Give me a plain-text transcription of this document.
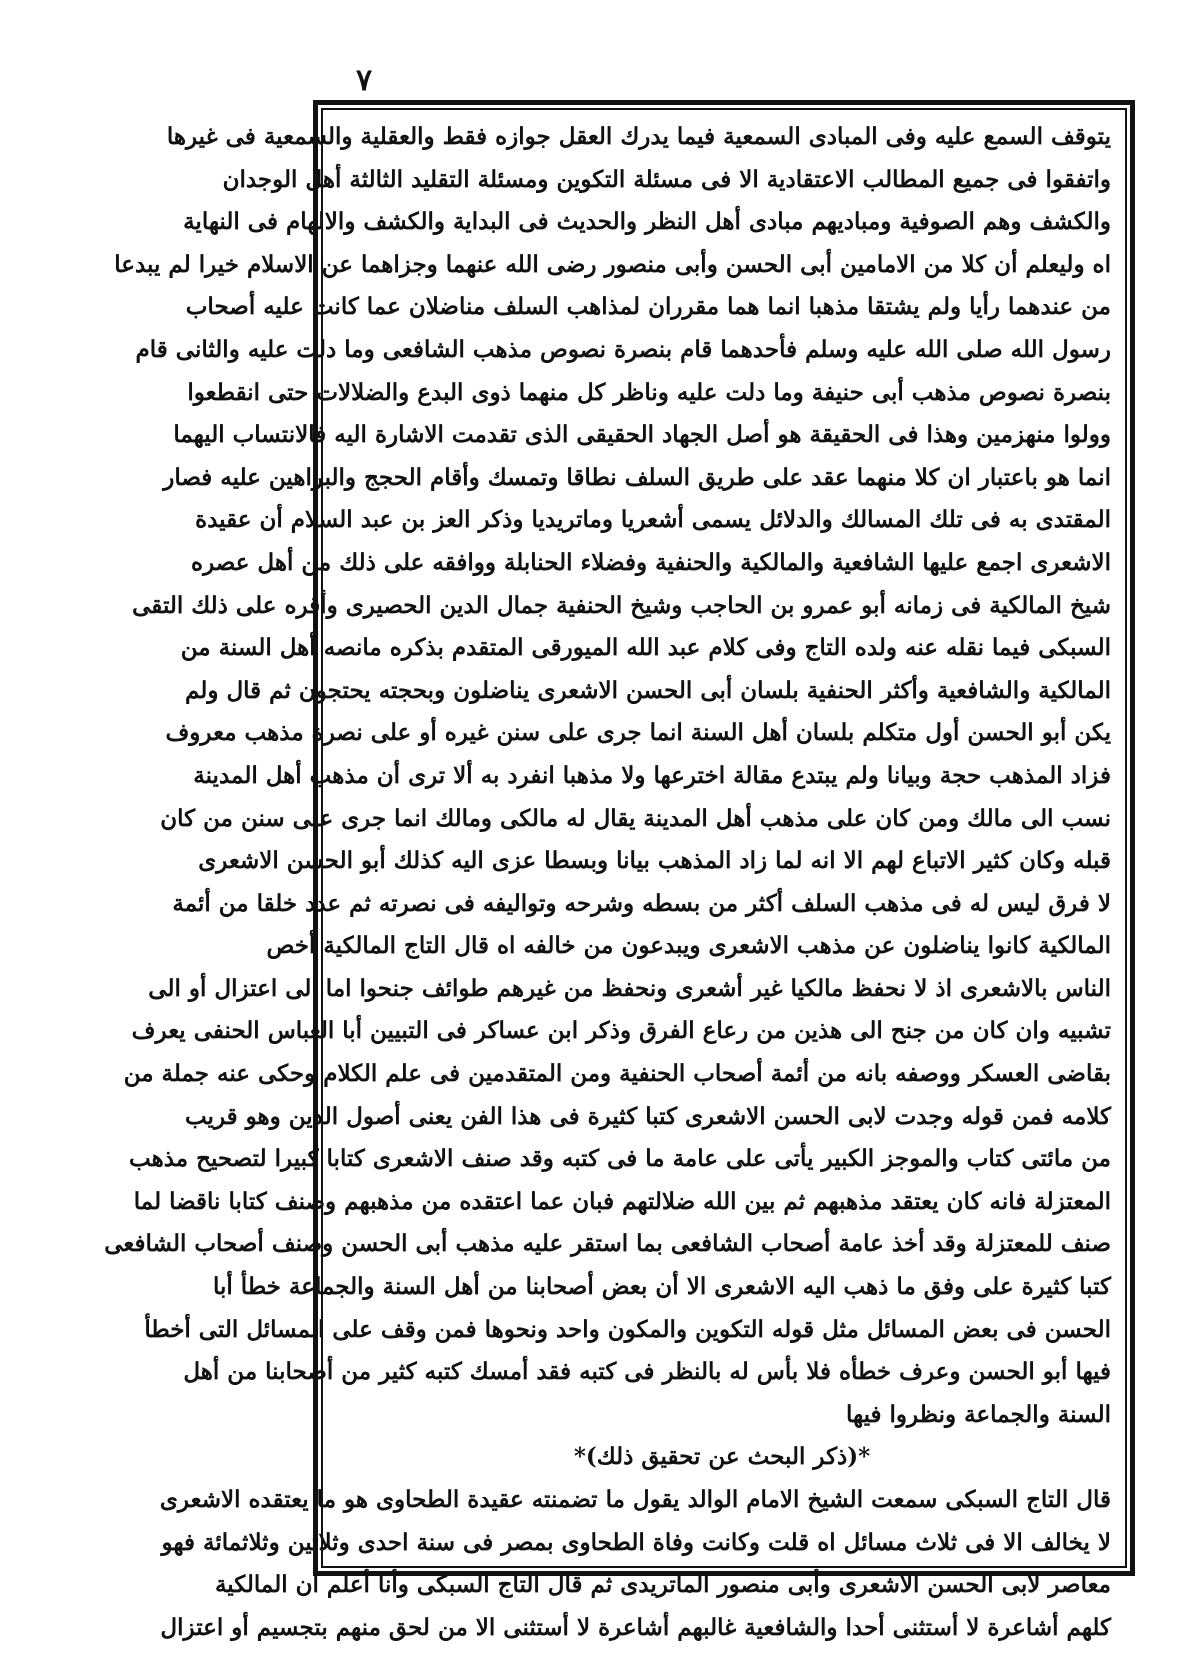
٧
يتوقف السمع عليه وفى المبادى السمعية فيما يدرك العقل جوازه فقط والعقلية والسمعية فى غيرها
واتفقوا فى جميع المطالب الاعتقادية الا فى مسئلة التكوين ومسئلة التقليد الثالثة أهل الوجدان
والكشف وهم الصوفية ومباديهم مبادى أهل النظر والحديث فى البداية والكشف والالهام فى النهاية
اه وليعلم أن كلا من الامامين أبى الحسن وأبى منصور رضى الله عنهما وجزاهما عن الاسلام خيرا لم يبدعا
من عندهما رأيا ولم يشتقا مذهبا انما هما مقرران لمذاهب السلف مناضلان عما كانت عليه أصحاب
رسول الله صلى الله عليه وسلم فأحدهما قام بنصرة نصوص مذهب الشافعى وما دلت عليه والثانى قام
بنصرة نصوص مذهب أبى حنيفة وما دلت عليه وناظر كل منهما ذوى البدع والضلالات حتى انقطعوا
وولوا منهزمين وهذا فى الحقيقة هو أصل الجهاد الحقيقى الذى تقدمت الاشارة اليه فالانتساب اليهما
انما هو باعتبار ان كلا منهما عقد على طريق السلف نطاقا وتمسك وأقام الحجج والبراهين عليه فصار
المقتدى به فى تلك المسالك والدلائل يسمى أشعريا وماتريديا وذكر العز بن عبد السلام أن عقيدة
الاشعرى اجمع عليها الشافعية والمالكية والحنفية وفضلاء الحنابلة ووافقه على ذلك من أهل عصره
شيخ المالكية فى زمانه أبو عمرو بن الحاجب وشيخ الحنفية جمال الدين الحصيرى وأقره على ذلك التقى
السبكى فيما نقله عنه ولده التاج وفى كلام عبد الله الميورقى المتقدم بذكره مانصه أهل السنة من
المالكية والشافعية وأكثر الحنفية بلسان أبى الحسن الاشعرى يناضلون وبحجته يحتجون ثم قال ولم
يكن أبو الحسن أول متكلم بلسان أهل السنة انما جرى على سنن غيره أو على نصرة مذهب معروف
فزاد المذهب حجة وبيانا ولم يبتدع مقالة اخترعها ولا مذهبا انفرد به ألا ترى أن مذهب أهل المدينة
نسب الى مالك ومن كان على مذهب أهل المدينة يقال له مالكى ومالك انما جرى على سنن من كان
قبله وكان كثير الاتباع لهم الا انه لما زاد المذهب بيانا وبسطا عزى اليه كذلك أبو الحسن الاشعرى
لا فرق ليس له فى مذهب السلف أكثر من بسطه وشرحه وتواليفه فى نصرته ثم عدد خلقا من أئمة
المالكية كانوا يناضلون عن مذهب الاشعرى ويبدعون من خالفه اه قال التاج المالكية أخص
الناس بالاشعرى اذ لا نحفظ مالكيا غير أشعرى ونحفظ من غيرهم طوائف جنحوا اما الى اعتزال أو الى
تشبيه وان كان من جنح الى هذين من رعاع الفرق وذكر ابن عساكر فى التبيين أبا العباس الحنفى يعرف
بقاضى العسكر ووصفه بانه من أئمة أصحاب الحنفية ومن المتقدمين فى علم الكلام وحكى عنه جملة من
كلامه فمن قوله وجدت لابى الحسن الاشعرى كتبا كثيرة فى هذا الفن يعنى أصول الدين وهو قريب
من مائتى كتاب والموجز الكبير يأتى على عامة ما فى كتبه وقد صنف الاشعرى كتابا كبيرا لتصحيح مذهب
المعتزلة فانه كان يعتقد مذهبهم ثم بين الله ضلالتهم فبان عما اعتقده من مذهبهم وصنف كتابا ناقضا لما
صنف للمعتزلة وقد أخذ عامة أصحاب الشافعى بما استقر عليه مذهب أبى الحسن وصنف أصحاب الشافعى
كتبا كثيرة على وفق ما ذهب اليه الاشعرى الا أن بعض أصحابنا من أهل السنة والجماعة خطأ أبا
الحسن فى بعض المسائل مثل قوله التكوين والمكون واحد ونحوها فمن وقف على المسائل التى أخطأ
فيها أبو الحسن وعرف خطأه فلا بأس له بالنظر فى كتبه فقد أمسك كتبه كثير من أصحابنا من أهل
السنة والجماعة ونظروا فيها
*(ذكر البحث عن تحقيق ذلك)*
قال التاج السبكى سمعت الشيخ الامام الوالد يقول ما تضمنته عقيدة الطحاوى هو ما يعتقده الاشعرى
لا يخالف الا فى ثلاث مسائل اه قلت وكانت وفاة الطحاوى بمصر فى سنة احدى وثلاثين وثلاثمائة فهو
معاصر لابى الحسن الاشعرى وأبى منصور الماتريدى ثم قال التاج السبكى وأنا أعلم أن المالكية
كلهم أشاعرة لا أستثنى أحدا والشافعية غالبهم أشاعرة لا أستثنى الا من لحق منهم بتجسيم أو اعتزال
